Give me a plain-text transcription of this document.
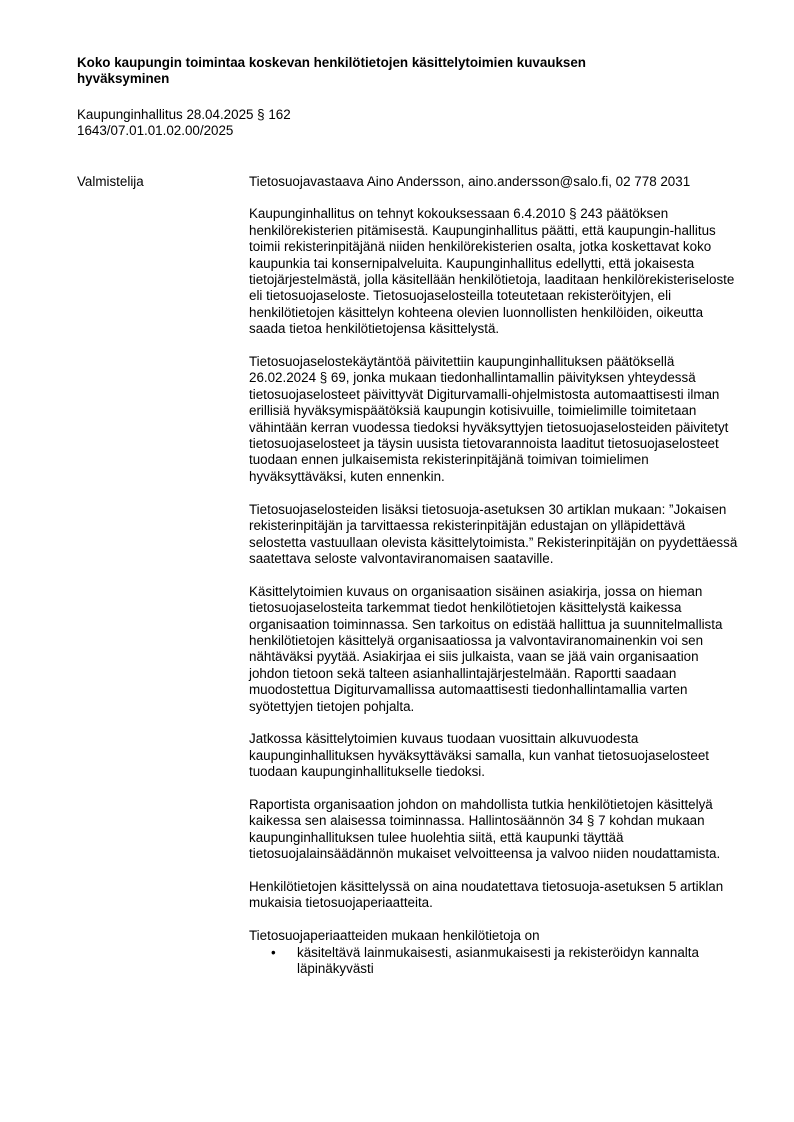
Koko kaupungin toimintaa koskevan henkilötietojen käsittelytoimien kuvauksen hyväksyminen
Kaupunginhallitus 28.04.2025 § 162
1643/07.01.01.02.00/2025
Valmistelija	Tietosuojavastaava Aino Andersson, aino.andersson@salo.fi, 02 778 2031

Kaupunginhallitus on tehnyt kokouksessaan 6.4.2010 § 243 päätöksen henkilörekisterien pitämisestä. Kaupunginhallitus päätti, että kaupungin-hallitus toimii rekisterinpitäjänä niiden henkilörekisterien osalta, jotka koskettavat koko kaupunkia tai konsernipalveluita. Kaupunginhallitus edellytti, että jokaisesta tietojärjestelmästä, jolla käsitellään henkilötietoja, laaditaan henkilörekisteriseloste eli tietosuojaseloste. Tietosuojaselosteilla toteutetaan rekisteröityjen, eli henkilötietojen käsittelyn kohteena olevien luonnollisten henkilöiden, oikeutta saada tietoa henkilötietojensa käsittelystä.

Tietosuojaselostekäytäntöä päivitettiin kaupunginhallituksen päätöksellä 26.02.2024 § 69, jonka mukaan tiedonhallintamallin päivityksen yhteydessä tietosuojaselosteet päivittyvät Digiturvamalli-ohjelmistosta automaattisesti ilman erillisiä hyväksymispäätöksiä kaupungin kotisivuille, toimielimille toimitetaan vähintään kerran vuodessa tiedoksi hyväksyttyjen tietosuojaselosteiden päivitetyt tietosuojaselosteet ja täysin uusista tietovarannoista laaditut tietosuojaselosteet tuodaan ennen julkaisemista rekisterinpitäjänä toimivan toimielimen hyväksyttäväksi, kuten ennenkin.

Tietosuojaselosteiden lisäksi tietosuoja-asetuksen 30 artiklan mukaan: ”Jokaisen rekisterinpitäjän ja tarvittaessa rekisterinpitäjän edustajan on ylläpidettävä selostetta vastuullaan olevista käsittelytoimista.” Rekisterinpitäjän on pyydettäessä saatettava seloste valvontaviranomaisen saataville.

Käsittelytoimien kuvaus on organisaation sisäinen asiakirja, jossa on hieman tietosuojaselosteita tarkemmat tiedot henkilötietojen käsittelystä kaikessa organisaation toiminnassa. Sen tarkoitus on edistää hallittua ja suunnitelmallista henkilötietojen käsittelyä organisaatiossa ja valvontaviranomainenkin voi sen nähtäväksi pyytää. Asiakirjaa ei siis julkaista, vaan se jää vain organisaation johdon tietoon sekä talteen asianhallintajärjestelmään. Raportti saadaan muodostettua Digiturvamallissa automaattisesti tiedonhallintamallia varten syötettyjen tietojen pohjalta.

Jatkossa käsittelytoimien kuvaus tuodaan vuosittain alkuvuodesta kaupunginhallituksen hyväksyttäväksi samalla, kun vanhat tietosuojaselosteet tuodaan kaupunginhallitukselle tiedoksi.

Raportista organisaation johdon on mahdollista tutkia henkilötietojen käsittelyä kaikessa sen alaisessa toiminnassa. Hallintosäännön 34 § 7 kohdan mukaan kaupunginhallituksen tulee huolehtia siitä, että kaupunki täyttää tietosuojalainsäädännön mukaiset velvoitteensa ja valvoo niiden noudattamista.

Henkilötietojen käsittelyssä on aina noudatettava tietosuoja-asetuksen 5 artiklan mukaisia tietosuojaperiaatteita.

Tietosuojaperiaatteiden mukaan henkilötietoja on

• käsiteltävä lainmukaisesti, asianmukaisesti ja rekisteröidyn kannalta läpinäkyvästi
